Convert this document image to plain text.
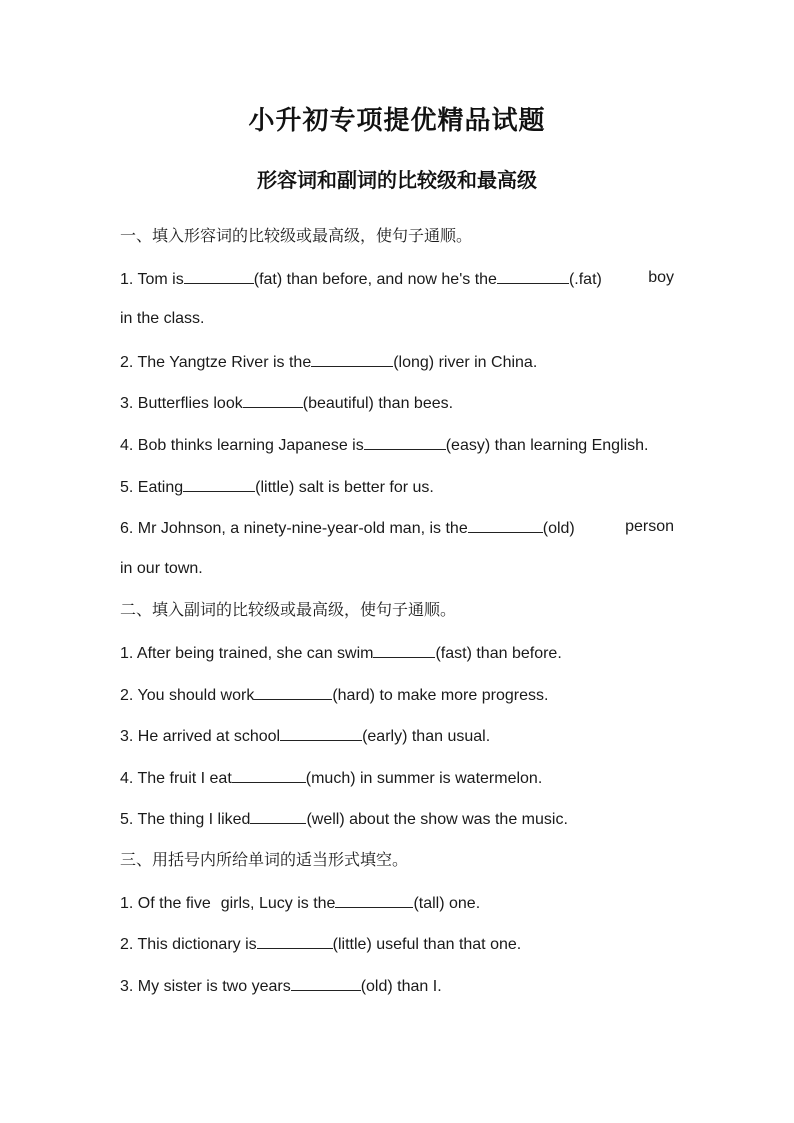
小升初专项提优精品试题
形容词和副词的比较级和最高级
一、填入形容词的比较级或最高级，使句子通顺。
1. Tom is	(fat) than before, and now he's the	(.fat)	boy
in the class.
2. The Yangtze River is the	(long) river in China.
3. Butterflies look	(beautiful) than bees.
4. Bob thinks learning Japanese is	(easy) than learning English.
5. Eating	(little) salt is better for us.
6. Mr Johnson, a ninety-nine-year-old man, is the	(old)	person
in our town.
二、填入副词的比较级或最高级，使句子通顺。
1. After being trained, she can swim	(fast) than before.
2. You should work	(hard) to make more progress.
3. He arrived at school	(early) than usual.
4. The fruit I eat	(much) in summer is watermelon.
5. The thing I liked	(well) about the show was the music.
三、用括号内所给单词的适当形式填空。
1. Of the five girls, Lucy is the	(tall) one.
2. This dictionary is	(little) useful than that one.
3. My sister is two years	(old) than I.
